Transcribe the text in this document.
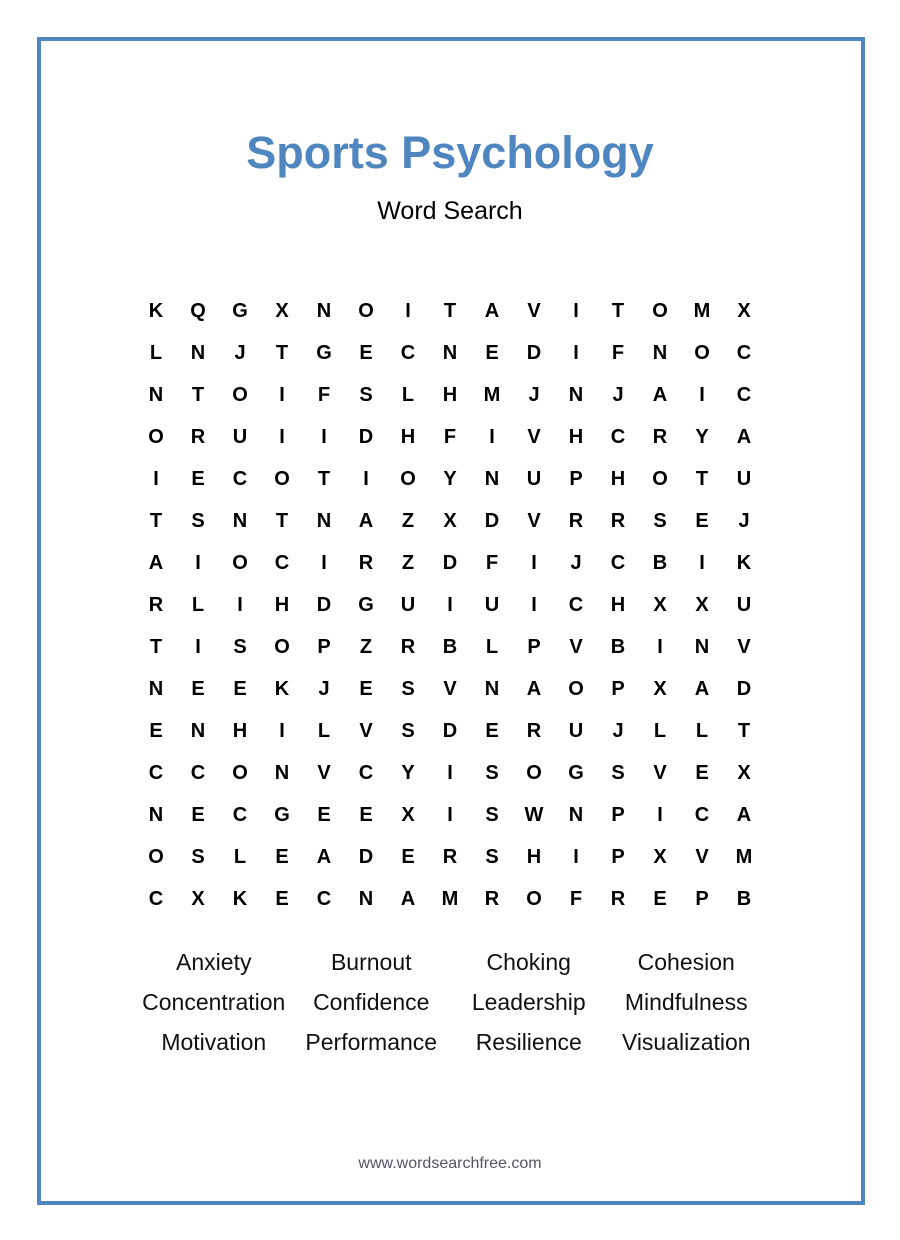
Sports Psychology
Word Search
K	Q	G	X	N	O	I	T	A	V	I	T	O	M	X
L	N	J	T	G	E	C	N	E	D	I	F	N	O	C
N	T	O	I	F	S	L	H	M	J	N	J	A	I	C
O	R	U	I	I	D	H	F	I	V	H	C	R	Y	A
I	E	C	O	T	I	O	Y	N	U	P	H	O	T	U
T	S	N	T	N	A	Z	X	D	V	R	R	S	E	J
A	I	O	C	I	R	Z	D	F	I	J	C	B	I	K
R	L	I	H	D	G	U	I	U	I	C	H	X	X	U
T	I	S	O	P	Z	R	B	L	P	V	B	I	N	V
N	E	E	K	J	E	S	V	N	A	O	P	X	A	D
E	N	H	I	L	V	S	D	E	R	U	J	L	L	T
C	C	O	N	V	C	Y	I	S	O	G	S	V	E	X
N	E	C	G	E	E	X	I	S	W	N	P	I	C	A
O	S	L	E	A	D	E	R	S	H	I	P	X	V	M
C	X	K	E	C	N	A	M	R	O	F	R	E	P	B
Anxiety	Burnout	Choking	Cohesion
Concentration	Confidence	Leadership	Mindfulness
Motivation	Performance	Resilience	Visualization
www.wordsearchfree.com
